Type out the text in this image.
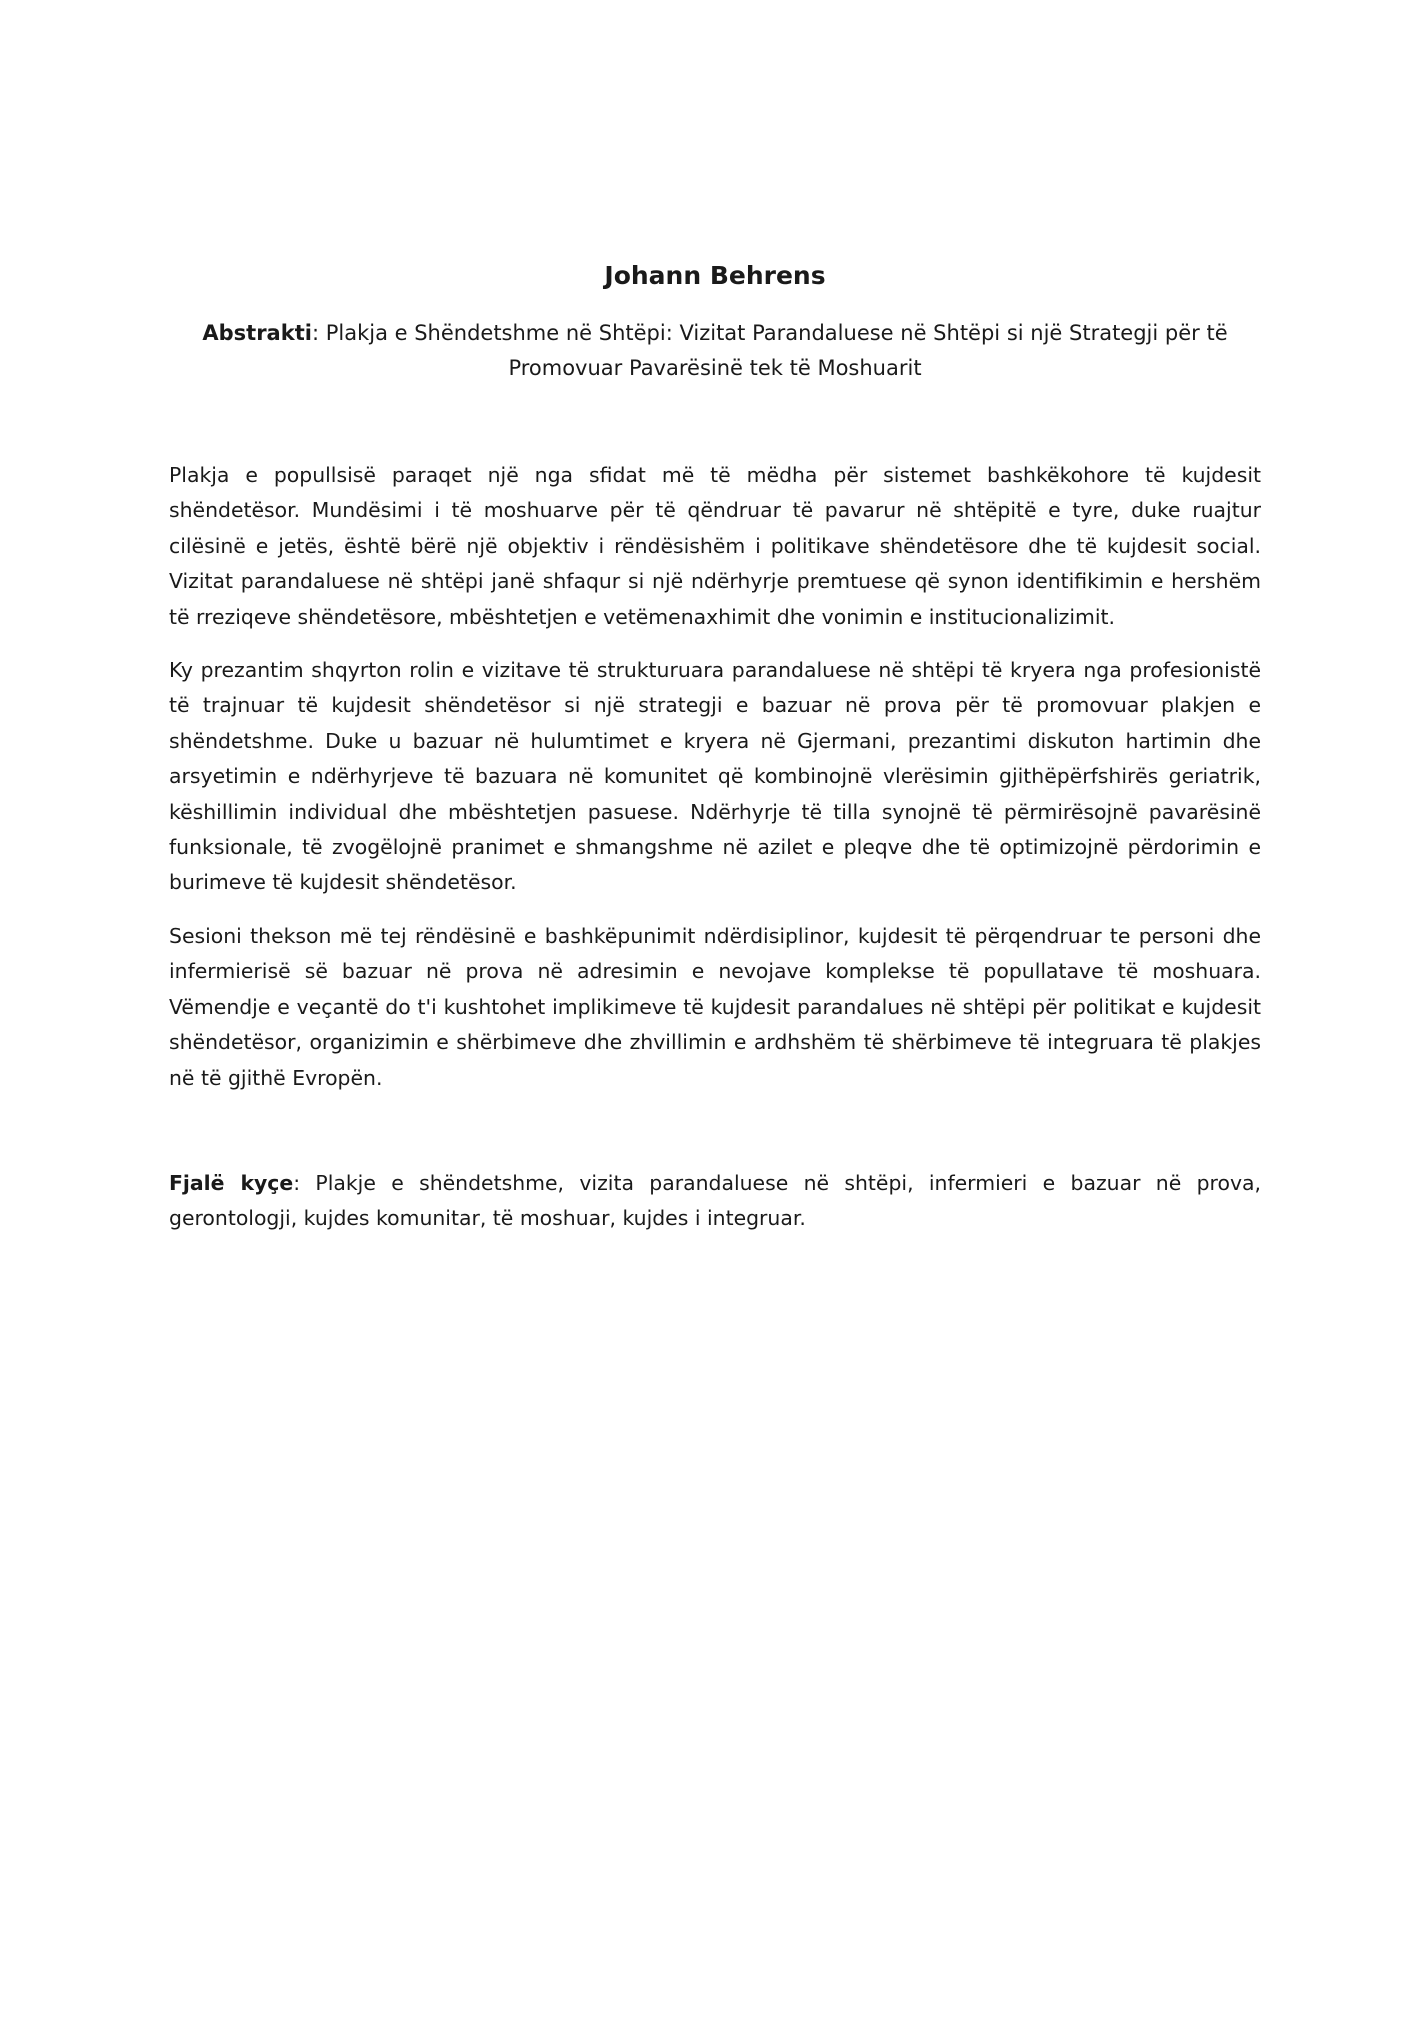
Johann Behrens
Abstrakti: Plakja e Shëndetshme në Shtëpi: Vizitat Parandaluese në Shtëpi si një Strategji për të Promovuar Pavarësinë tek të Moshuarit

Plakja e popullsisë paraqet një nga sfidat më të mëdha për sistemet bashkëkohore të kujdesit shëndetësor. Mundësimi i të moshuarve për të qëndruar të pavarur në shtëpitë e tyre, duke ruajtur cilësinë e jetës, është bërë një objektiv i rëndësishëm i politikave shëndetësore dhe të kujdesit social. Vizitat parandaluese në shtëpi janë shfaqur si një ndërhyrje premtuese që synon identifikimin e hershëm të rreziqeve shëndetësore, mbështetjen e vetëmenaxhimit dhe vonimin e institucionalizimit.

Ky prezantim shqyrton rolin e vizitave të strukturuara parandaluese në shtëpi të kryera nga profesionistë të trajnuar të kujdesit shëndetësor si një strategji e bazuar në prova për të promovuar plakjen e shëndetshme. Duke u bazuar në hulumtimet e kryera në Gjermani, prezantimi diskuton hartimin dhe arsyetimin e ndërhyrjeve të bazuara në komunitet që kombinojnë vlerësimin gjithëpërfshirës geriatrik, këshillimin individual dhe mbështetjen pasuese. Ndërhyrje të tilla synojnë të përmirësojnë pavarësinë funksionale, të zvogëlojnë pranimet e shmangshme në azilet e pleqve dhe të optimizojnë përdorimin e burimeve të kujdesit shëndetësor.

Sesioni thekson më tej rëndësinë e bashkëpunimit ndërdisiplinor, kujdesit të përqendruar te personi dhe infermierisë së bazuar në prova në adresimin e nevojave komplekse të popullatave të moshuara. Vëmendje e veçantë do t'i kushtohet implikimeve të kujdesit parandalues në shtëpi për politikat e kujdesit shëndetësor, organizimin e shërbimeve dhe zhvillimin e ardhshëm të shërbimeve të integruara të plakjes në të gjithë Evropën.

Fjalë kyçe: Plakje e shëndetshme, vizita parandaluese në shtëpi, infermieri e bazuar në prova, gerontologji, kujdes komunitar, të moshuar, kujdes i integruar.
